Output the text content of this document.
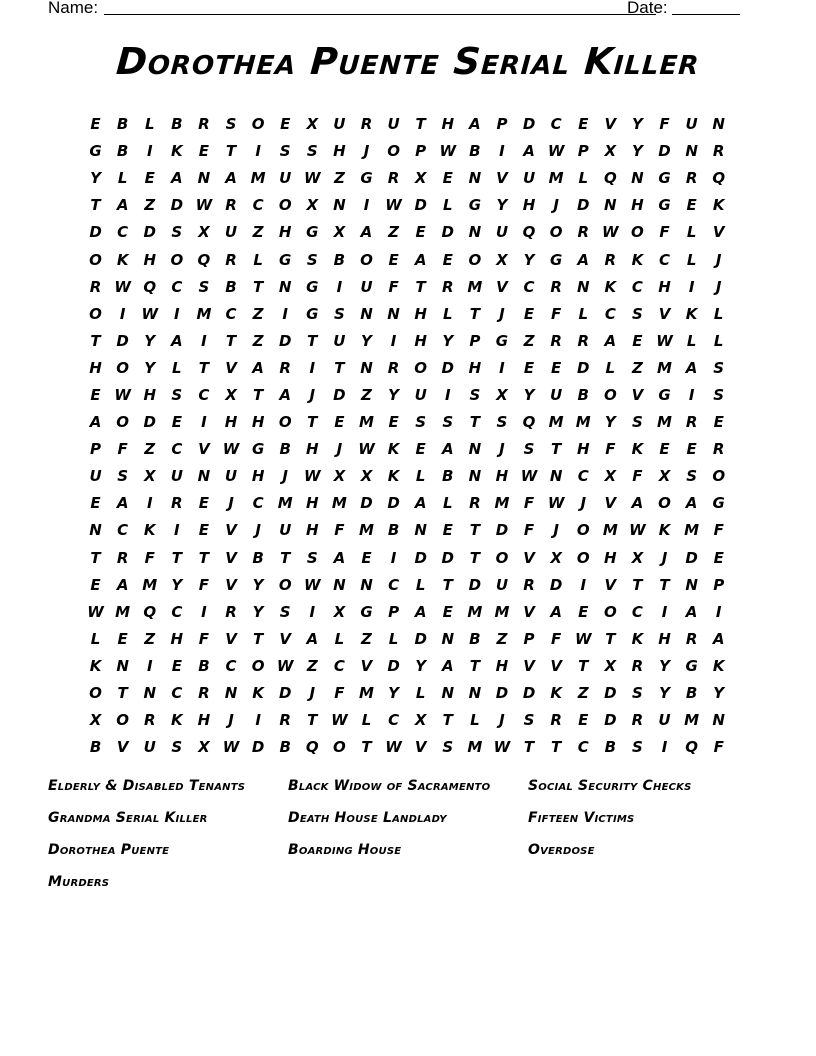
Name:	Date:
Dorothea Puente Serial Killer
E	B	L	B	R	S	O	E	X	U	R	U	T	H	A	P	D	C	E	V	Y	F	U N
G	B	I	K	E	T	I	S	S	H	J	O	P W B	I	A W P	X	Y	D N	R
Y	L	E	A	N	A M U W Z	G	R	X	E	N	V	U M L	Q N G	R Q
T	A	Z	D W R	C	O X	N	I	W D	L	G	Y	H	J	D N H G	E	K
D	C	D	S	X	U	Z	H G	X	A	Z	E	D N U Q O R W O	F	L	V
O K	H O Q R	L	G	S	B O	E	A	E	O X	Y	G	A	R	K	C	L	J
R W Q	C	S	B	T	N G	I	U	F	T	R M V	C	R	N	K	C	H	I	J
O	I	W	I	M C	Z	I	G	S	N N H	L	T	J	E	F	L	C	S	V	K	L
T	D	Y	A	I	T	Z	D	T	U	Y	I	H	Y	P	G	Z	R	R	A	E W L	L
H O	Y	L	T	V	A	R	I	T	N	R O D H	I	E	E	D	L	Z M A	S
E W H	S	C	X	T	A	J	D	Z	Y	U	I	S	X	Y	U	B O V	G	I	S
A O D	E	I	H H O	T	E M E	S	S	T	S	Q M M Y	S M R	E
P	F	Z	C	V W G	B	H	J	W K	E	A	N	J	S	T	H	F	K	E	E	R
U	S	X	U N U H	J	W X	X	K	L	B	N H W N	C	X	F	X	S	O
E	A	I	R	E	J	C M H M D D	A	L	R M F W	J	V	A O A	G
N	C	K	I	E	V	J	U H	F M B	N	E	T	D	F	J	O M W K M F
T	R	F	T	T	V	B	T	S	A	E	I	D D	T	O V	X O H	X	J	D	E
E	A M Y	F	V	Y	O W N N	C	L	T	D U	R	D	I	V	T	T	N	P
W M Q	C	I	R	Y	S	I	X	G	P	A	E M M V	A	E	O	C	I	A	I
L	E	Z	H	F	V	T	V	A	L	Z	L	D N	B	Z	P	F W T	K	H	R	A
K	N	I	E	B	C	O W Z	C	V	D	Y	A	T	H	V	V	T	X	R	Y	G	K
O	T	N	C	R	N	K	D	J	F M Y	L	N N D D	K	Z	D	S	Y	B	Y
X O R	K	H	J	I	R	T W L	C	X	T	L	J	S	R	E	D	R	U M N
B	V	U	S	X W D	B Q O	T W V	S M W T	T	C	B	S	I	Q	F
Elderly & Disabled Tenants	Black Widow of Sacramento	Social Security Checks
Grandma Serial Killer	Death House Landlady	Fifteen Victims
Dorothea Puente	Boarding House	Overdose
Murders
